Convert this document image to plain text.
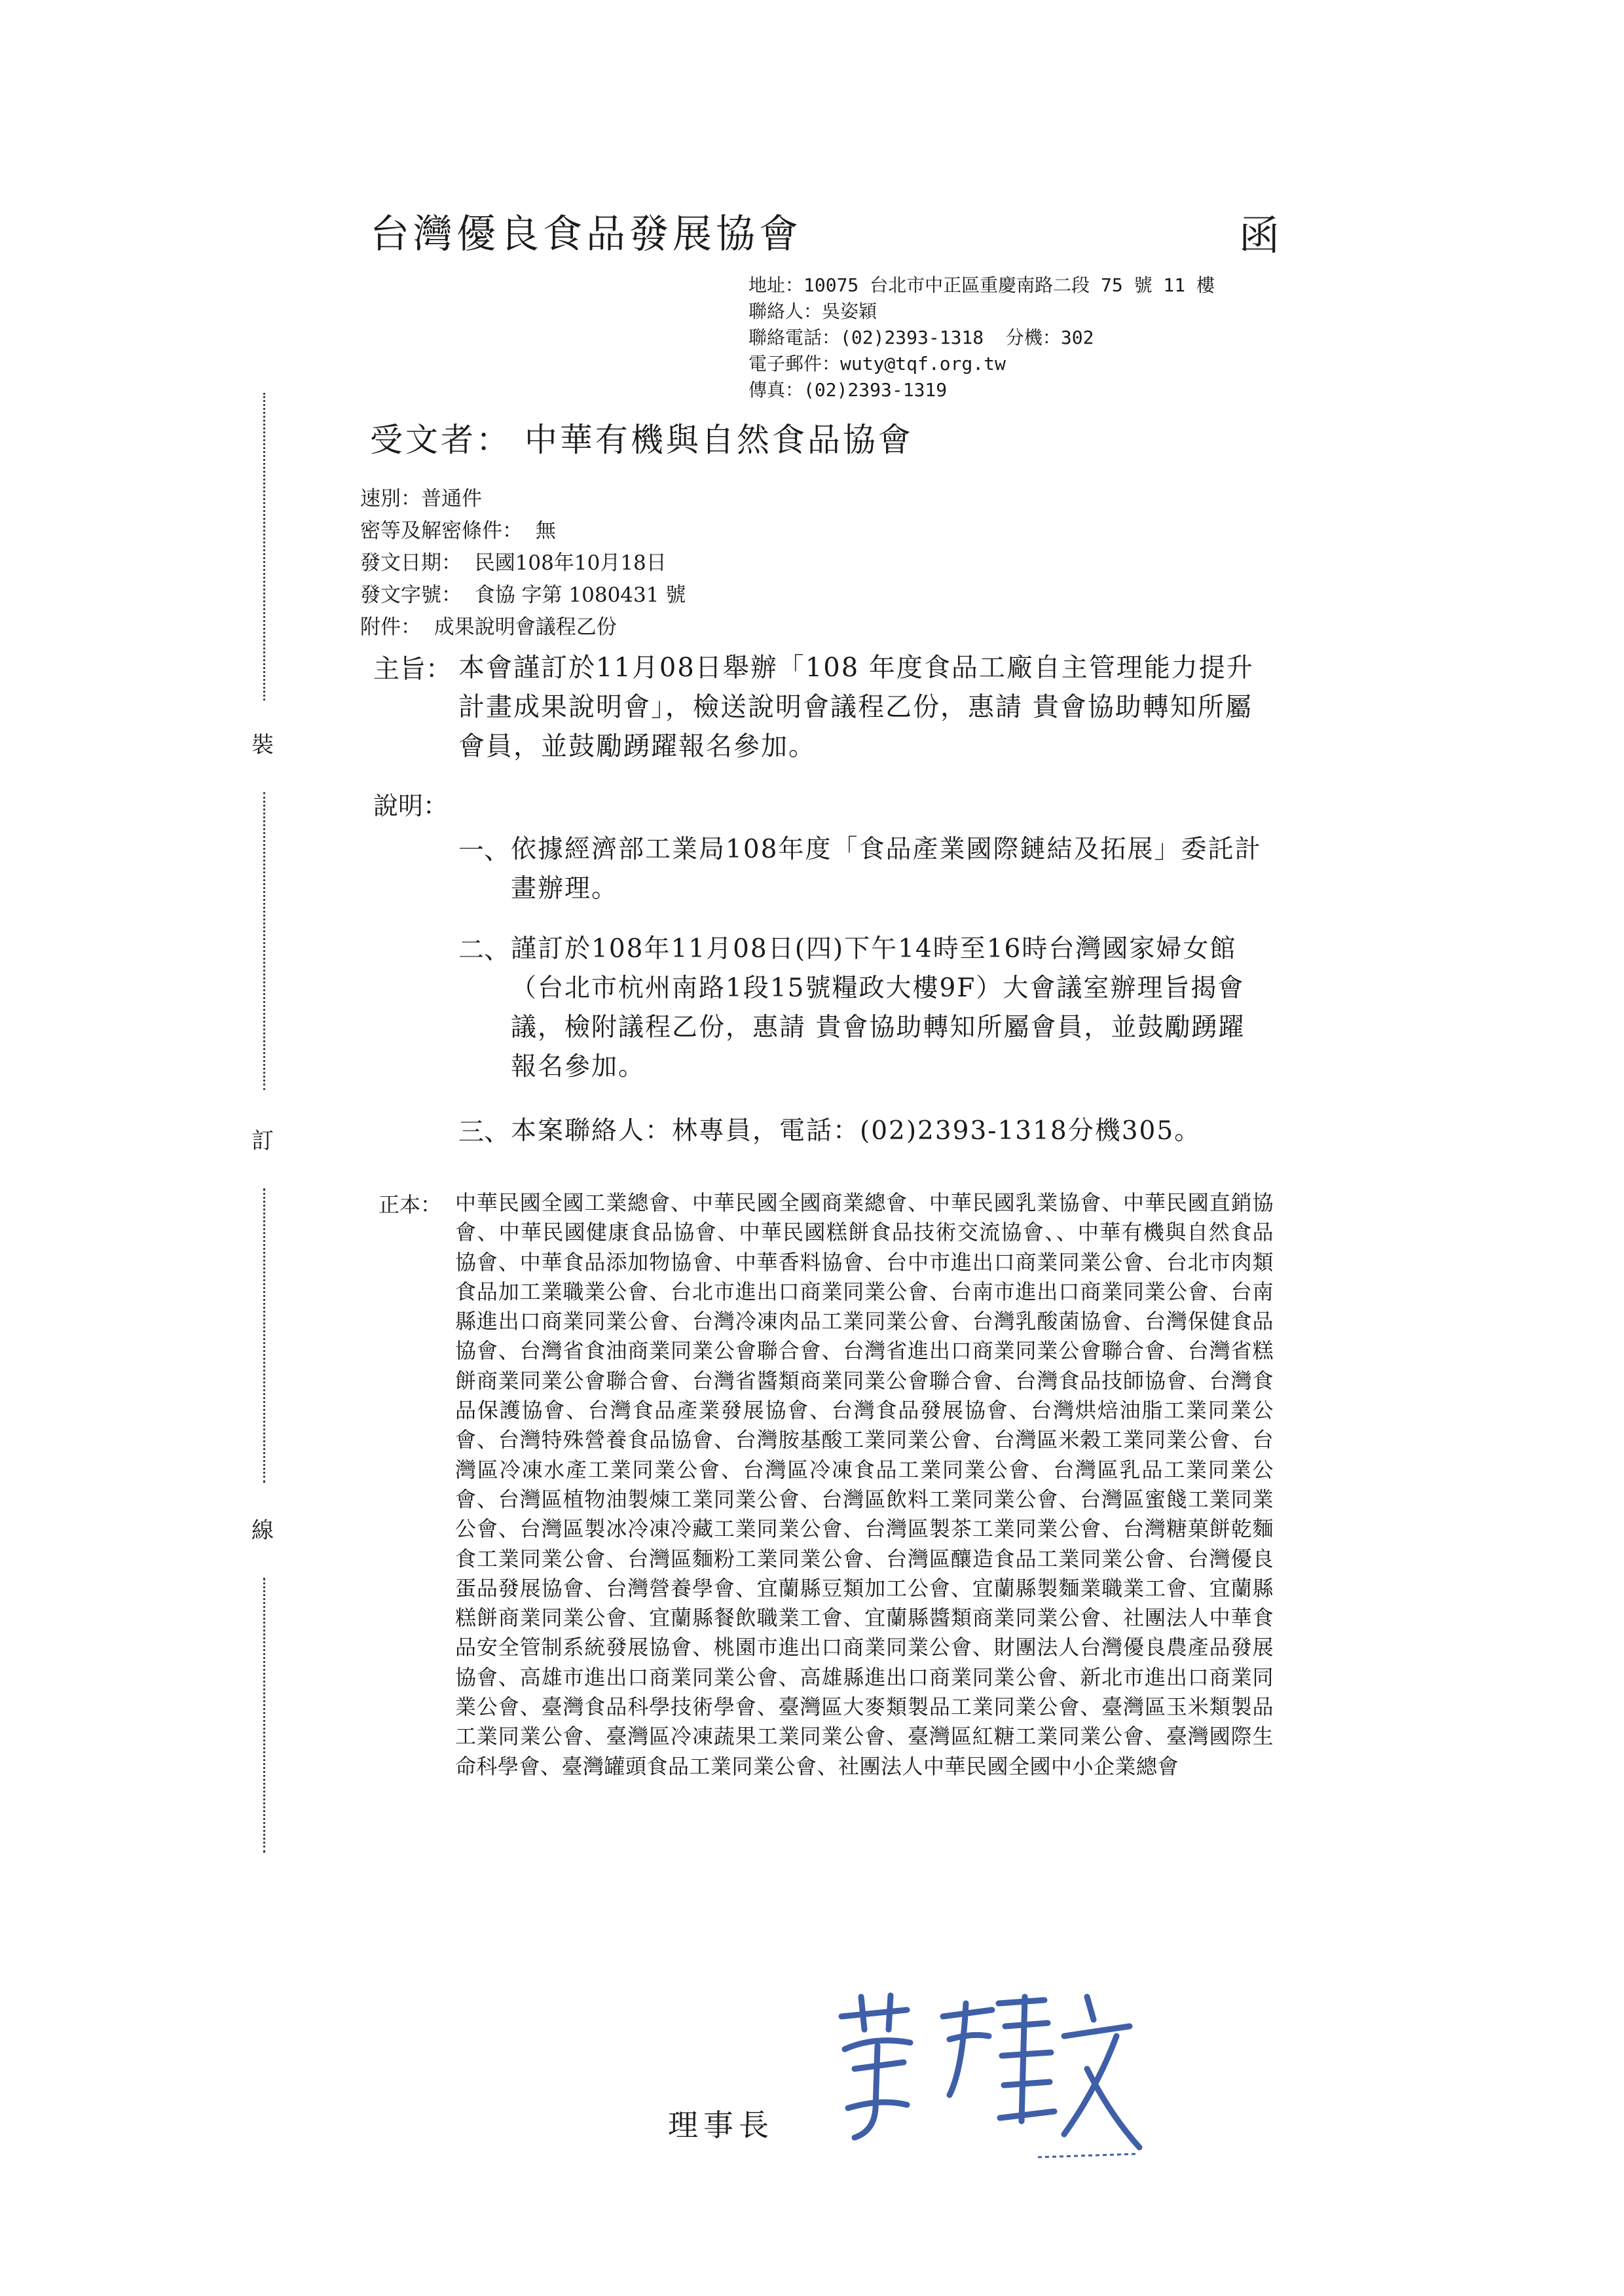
裝
訂
線
台灣優良食品發展協會	函
地址：10075 台北市中正區重慶南路二段 75 號 11 樓
聯絡人：吳姿穎
聯絡電話：(02)2393-1318  分機：302
電子郵件：wuty@tqf.org.tw
傳真：(02)2393-1319
受文者： 中華有機與自然食品協會
速別：普通件
密等及解密條件：  無
發文日期：  民國108年10月18日
發文字號：  食協 字第 1080431 號
附件：  成果說明會議程乙份
主旨： 本會謹訂於11月08日舉辦「108 年度食品工廠自主管理能力提升計畫成果說明會」，檢送說明會議程乙份，惠請 貴會協助轉知所屬會員，並鼓勵踴躍報名參加。
說明：
一、 依據經濟部工業局108年度「食品產業國際鏈結及拓展」委託計畫辦理。
二、 謹訂於108年11月08日(四)下午14時至16時台灣國家婦女館（台北市杭州南路1段15號糧政大樓9F）大會議室辦理旨揭會議，檢附議程乙份，惠請 貴會協助轉知所屬會員，並鼓勵踴躍報名參加。
三、 本案聯絡人：林專員，電話：(02)2393-1318分機305。
正本： 中華民國全國工業總會、中華民國全國商業總會、中華民國乳業協會、中華民國直銷協會、中華民國健康食品協會、中華民國糕餅食品技術交流協會、、中華有機與自然食品協會、中華食品添加物協會、中華香料協會、台中市進出口商業同業公會、台北市肉類食品加工業職業公會、台北市進出口商業同業公會、台南市進出口商業同業公會、台南縣進出口商業同業公會、台灣冷凍肉品工業同業公會、台灣乳酸菌協會、台灣保健食品協會、台灣省食油商業同業公會聯合會、台灣省進出口商業同業公會聯合會、台灣省糕餅商業同業公會聯合會、台灣省醬類商業同業公會聯合會、台灣食品技師協會、台灣食品保護協會、台灣食品產業發展協會、台灣食品發展協會、台灣烘焙油脂工業同業公會、台灣特殊營養食品協會、台灣胺基酸工業同業公會、台灣區米穀工業同業公會、台灣區冷凍水產工業同業公會、台灣區冷凍食品工業同業公會、台灣區乳品工業同業公會、台灣區植物油製煉工業同業公會、台灣區飲料工業同業公會、台灣區蜜餞工業同業公會、台灣區製冰冷凍冷藏工業同業公會、台灣區製茶工業同業公會、台灣糖菓餅乾麵食工業同業公會、台灣區麵粉工業同業公會、台灣區釀造食品工業同業公會、台灣優良蛋品發展協會、台灣營養學會、宜蘭縣豆類加工公會、宜蘭縣製麵業職業工會、宜蘭縣糕餅商業同業公會、宜蘭縣餐飲職業工會、宜蘭縣醬類商業同業公會、社團法人中華食品安全管制系統發展協會、桃園市進出口商業同業公會、財團法人台灣優良農產品發展協會、高雄市進出口商業同業公會、高雄縣進出口商業同業公會、新北市進出口商業同業公會、臺灣食品科學技術學會、臺灣區大麥類製品工業同業公會、臺灣區玉米類製品工業同業公會、臺灣區冷凍蔬果工業同業公會、臺灣區紅糖工業同業公會、臺灣國際生命科學會、臺灣罐頭食品工業同業公會、社團法人中華民國全國中小企業總會
理事長
